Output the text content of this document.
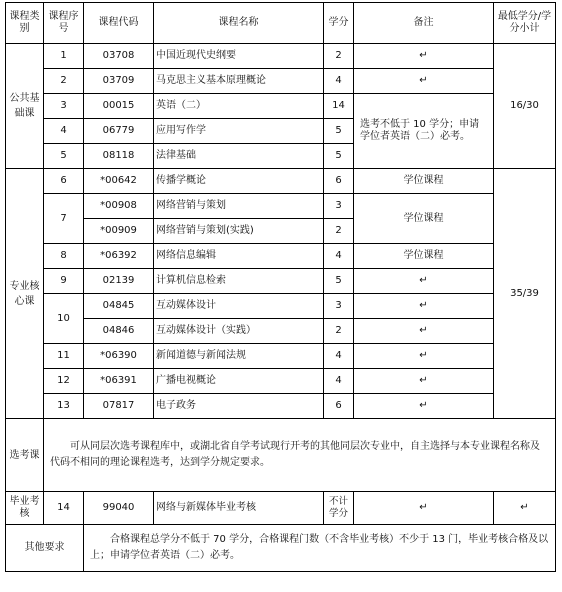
课程类别	课程序号	课程代码	课程名称	学分	备注	最低学分/学分小计
公共基础课	1	03708	中国近现代史纲要	2	↵	16/30
	2	03709	马克思主义基本原理概论	4	↵	
	3	00015	英语（二）	14	选考不低于 10 学分；申请学位者英语（二）必考。	
	4	06779	应用写作学	5		
	5	08118	法律基础	5		
专业核心课	6	*00642	传播学概论	6	学位课程	35/39
	7	*00908	网络营销与策划	3	学位课程	
		*00909	网络营销与策划(实践)	2		
	8	*06392	网络信息编辑	4	学位课程	
	9	02139	计算机信息检索	5	↵	
	10	04845	互动媒体设计	3	↵	
		04846	互动媒体设计（实践）	2	↵	
	11	*06390	新闻道德与新闻法规	4	↵	
	12	*06391	广播电视概论	4	↵	
	13	07817	电子政务	6	↵	
选考课	可从同层次选考课程库中，或湖北省自学考试现行开考的其他同层次专业中，自主选择与本专业课程名称及代码不相同的理论课程选考，达到学分规定要求。					
毕业考核	14	99040	网络与新媒体毕业考核	不计学分	↵	↵
其他要求		合格课程总学分不低于 70 学分，合格课程门数（不含毕业考核）不少于 13 门，毕业考核合格及以上；申请学位者英语（二）必考。				
